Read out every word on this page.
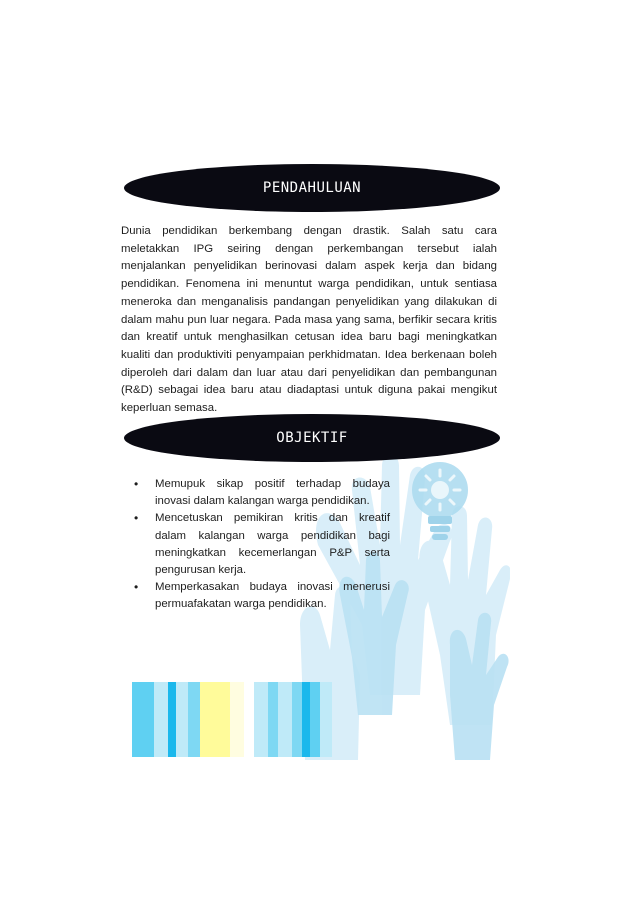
PENDAHULUAN

Dunia pendidikan berkembang dengan drastik. Salah satu cara meletakkan IPG seiring dengan perkembangan tersebut ialah menjalankan penyelidikan berinovasi dalam aspek kerja dan bidang pendidikan. Fenomena ini menuntut warga pendidikan, untuk sentiasa meneroka dan menganalisis pandangan penyelidikan yang dilakukan di dalam mahu pun luar negara. Pada masa yang sama, berfikir secara kritis dan kreatif untuk menghasilkan cetusan idea baru bagi meningkatkan kualiti dan produktiviti penyampaian perkhidmatan. Idea berkenaan boleh diperoleh dari dalam dan luar atau dari penyelidikan dan pembangunan (R&D) sebagai idea baru atau diadaptasi untuk diguna pakai mengikut keperluan semasa.

OBJEKTIF
• Memupuk sikap positif terhadap budaya inovasi dalam kalangan warga pendidikan.
• Mencetuskan pemikiran kritis dan kreatif dalam kalangan warga pendidikan bagi meningkatkan kecemerlangan P&P serta pengurusan kerja.
• Memperkasakan budaya inovasi menerusi permuafakatan warga pendidikan.
